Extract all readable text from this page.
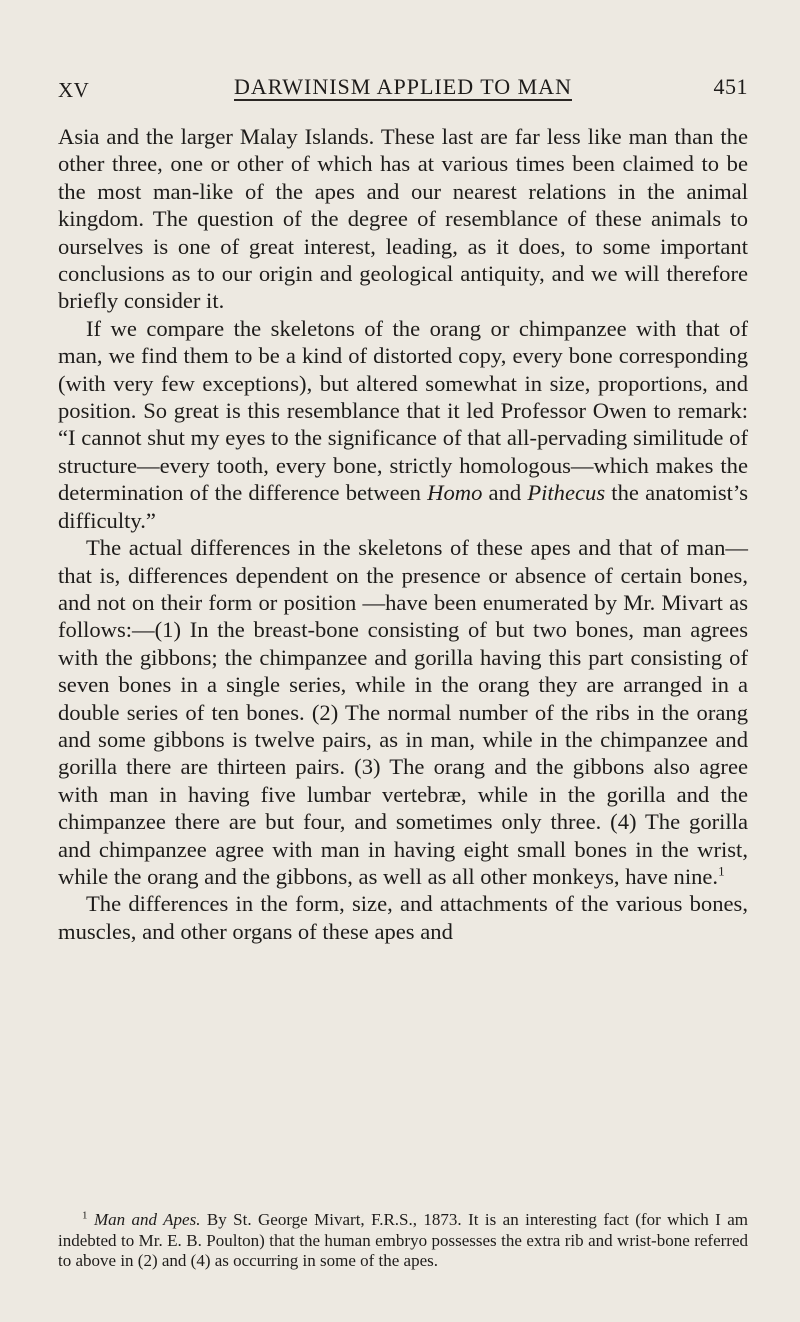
XV	DARWINISM APPLIED TO MAN	451

Asia and the larger Malay Islands. These last are far less like man than the other three, one or other of which has at various times been claimed to be the most man-like of the apes and our nearest relations in the animal kingdom. The question of the degree of resemblance of these animals to ourselves is one of great interest, leading, as it does, to some important conclusions as to our origin and geological antiquity, and we will therefore briefly consider it.

If we compare the skeletons of the orang or chimpanzee with that of man, we find them to be a kind of distorted copy, every bone corresponding (with very few exceptions), but altered somewhat in size, proportions, and position. So great is this resemblance that it led Professor Owen to remark: “I cannot shut my eyes to the significance of that all-pervading similitude of structure—every tooth, every bone, strictly homologous—which makes the determination of the difference between Homo and Pithecus the anatomist’s difficulty.”

The actual differences in the skeletons of these apes and that of man—that is, differences dependent on the presence or absence of certain bones, and not on their form or position —have been enumerated by Mr. Mivart as follows:—(1) In the breast-bone consisting of but two bones, man agrees with the gibbons; the chimpanzee and gorilla having this part consisting of seven bones in a single series, while in the orang they are arranged in a double series of ten bones. (2) The normal number of the ribs in the orang and some gibbons is twelve pairs, as in man, while in the chimpanzee and gorilla there are thirteen pairs. (3) The orang and the gibbons also agree with man in having five lumbar vertebræ, while in the gorilla and the chimpanzee there are but four, and sometimes only three. (4) The gorilla and chimpanzee agree with man in having eight small bones in the wrist, while the orang and the gibbons, as well as all other monkeys, have nine.$^1$

The differences in the form, size, and attachments of the various bones, muscles, and other organs of these apes and

$^1$ Man and Apes. By St. George Mivart, F.R.S., 1873. It is an interesting fact (for which I am indebted to Mr. E. B. Poulton) that the human embryo possesses the extra rib and wrist-bone referred to above in (2) and (4) as occurring in some of the apes.
